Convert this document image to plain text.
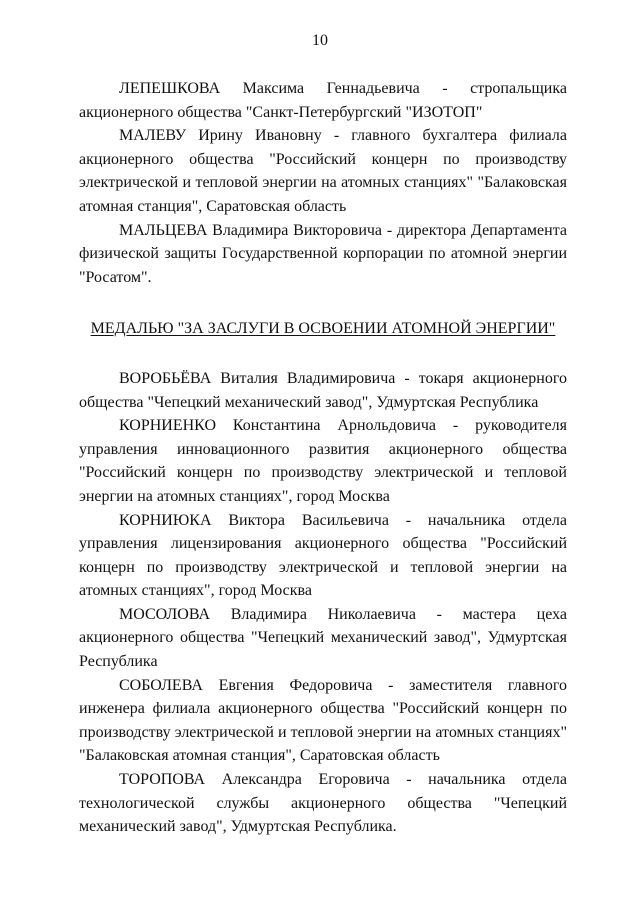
10

ЛЕПЕШКОВА Максима Геннадьевича - стропальщика акционерного общества "Санкт-Петербургский "ИЗОТОП"

МАЛЕВУ Ирину Ивановну - главного бухгалтера филиала акционерного общества "Российский концерн по производству электрической и тепловой энергии на атомных станциях" "Балаковская атомная станция", Саратовская область

МАЛЬЦЕВА Владимира Викторовича - директора Департамента физической защиты Государственной корпорации по атомной энергии "Росатом".

МЕДАЛЬЮ "ЗА ЗАСЛУГИ В ОСВОЕНИИ АТОМНОЙ ЭНЕРГИИ"

ВОРОБЬЁВА Виталия Владимировича - токаря акционерного общества "Чепецкий механический завод", Удмуртская Республика

КОРНИЕНКО Константина Арнольдовича - руководителя управления инновационного развития акционерного общества "Российский концерн по производству электрической и тепловой энергии на атомных станциях", город Москва

КОРНИЮКА Виктора Васильевича - начальника отдела управления лицензирования акционерного общества "Российский концерн по производству электрической и тепловой энергии на атомных станциях", город Москва

МОСОЛОВА Владимира Николаевича - мастера цеха акционерного общества "Чепецкий механический завод", Удмуртская Республика

СОБОЛЕВА Евгения Федоровича - заместителя главного инженера филиала акционерного общества "Российский концерн по производству электрической и тепловой энергии на атомных станциях" "Балаковская атомная станция", Саратовская область

ТОРОПОВА Александра Егоровича - начальника отдела технологической службы акционерного общества "Чепецкий механический завод", Удмуртская Республика.
